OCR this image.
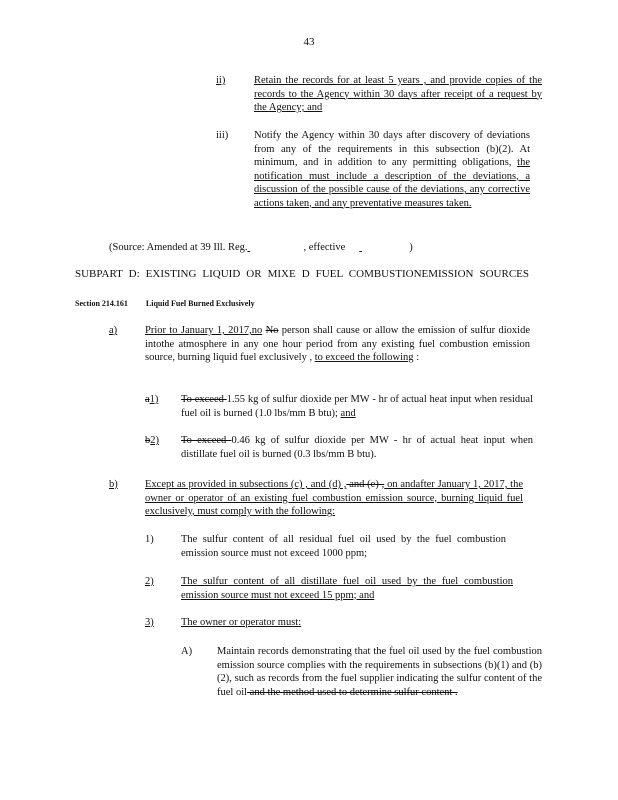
43
ii)	Retain the records for at least 5 years , and provide copies of the records to the Agency within 30 days after receipt of a request by the Agency; and
iii) Notify the Agency within 30 days after discovery of deviations from any of the requirements in this subsection (b)(2). At minimum, and in addition to any permitting obligations, the notification must include a description of the deviations, a discussion of the possible cause of the deviations, any corrective actions taken, and any preventative measures taken.
(Source: Amended at 39 Ill. Reg.	, effective	)
SUBPART D: EXISTING LIQUID OR MIXE D FUEL COMBUSTIONEMISSION SOURCES
Section 214.161 Liquid Fuel Burned Exclusively
a)	Prior to January 1, 2017,no No person shall cause or allow the emission of sulfur dioxide intothe atmosphere in any one hour period from any existing fuel combustion emission source, burning liquid fuel exclusively , to exceed the following :
a1) To exceed 1.55 kg of sulfur dioxide per MW - hr of actual heat input when residual fuel oil is burned (1.0 lbs/mm B btu); and
b2) To exceed 0.46 kg of sulfur dioxide per MW - hr of actual heat input when distillate fuel oil is burned (0.3 lbs/mm B btu).
b)	Except as provided in subsections (c) , and (d) , and (e) , on andafter January 1, 2017, the owner or operator of an existing fuel combustion emission source, burning liquid fuel exclusively, must comply with the following:
1)	The sulfur content of all residual fuel oil used by the fuel combustion emission source must not exceed 1000 ppm;
2)	The sulfur content of all distillate fuel oil used by the fuel combustion emission source must not exceed 15 ppm; and
3)	The owner or operator must:
A) Maintain records demonstrating that the fuel oil used by the fuel combustion emission source complies with the requirements in subsections (b)(1) and (b)(2), such as records from the fuel supplier indicating the sulfur content of the fuel oil and the method used to determine sulfur content .
